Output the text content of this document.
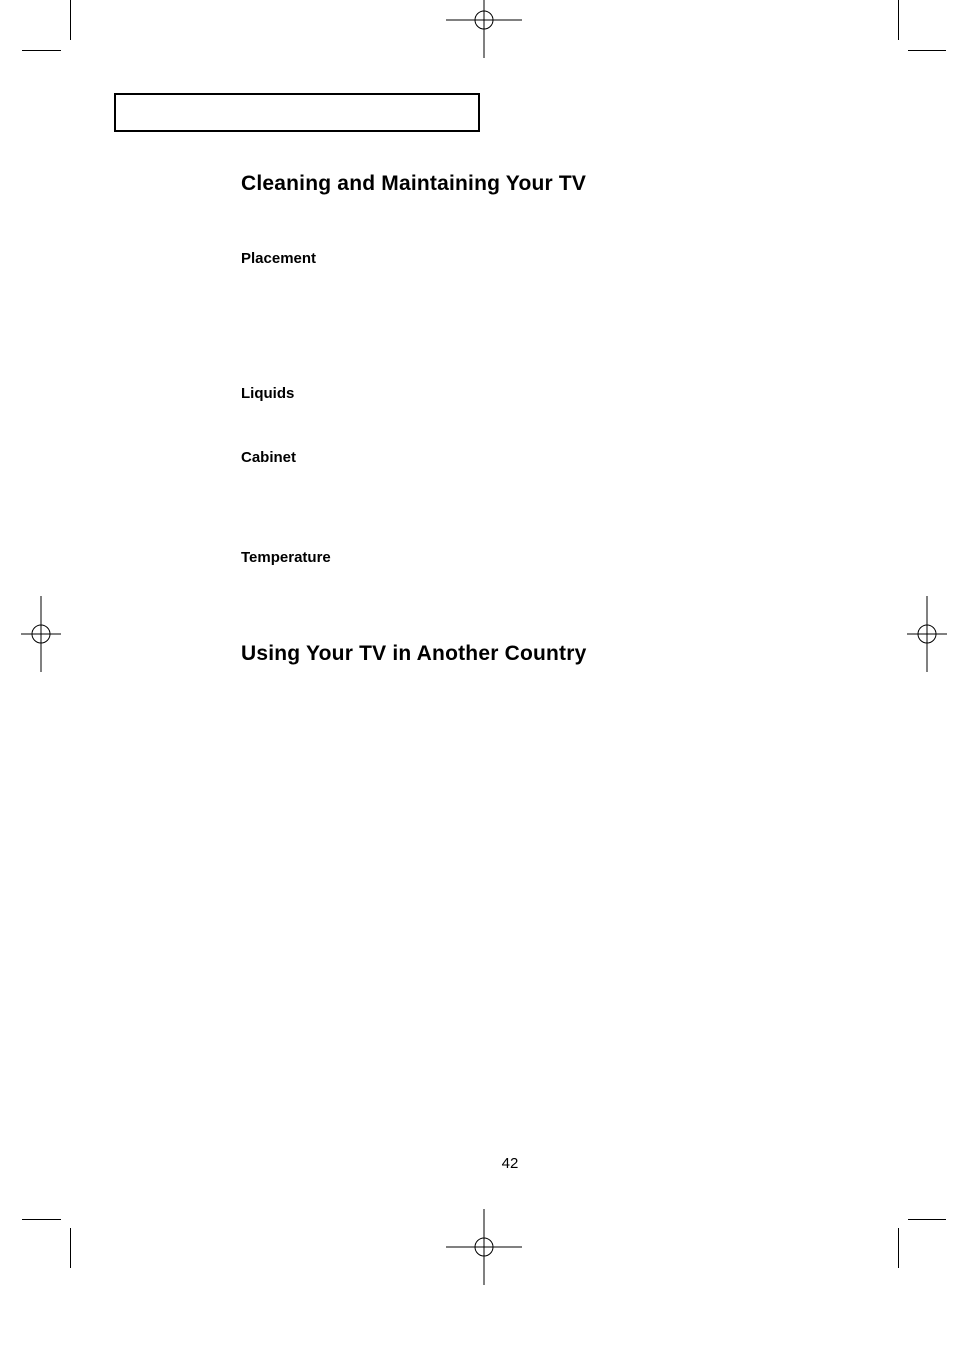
Cleaning and Maintaining Your TV
Placement
Liquids
Cabinet
Temperature
Using Your TV in Another Country
42
